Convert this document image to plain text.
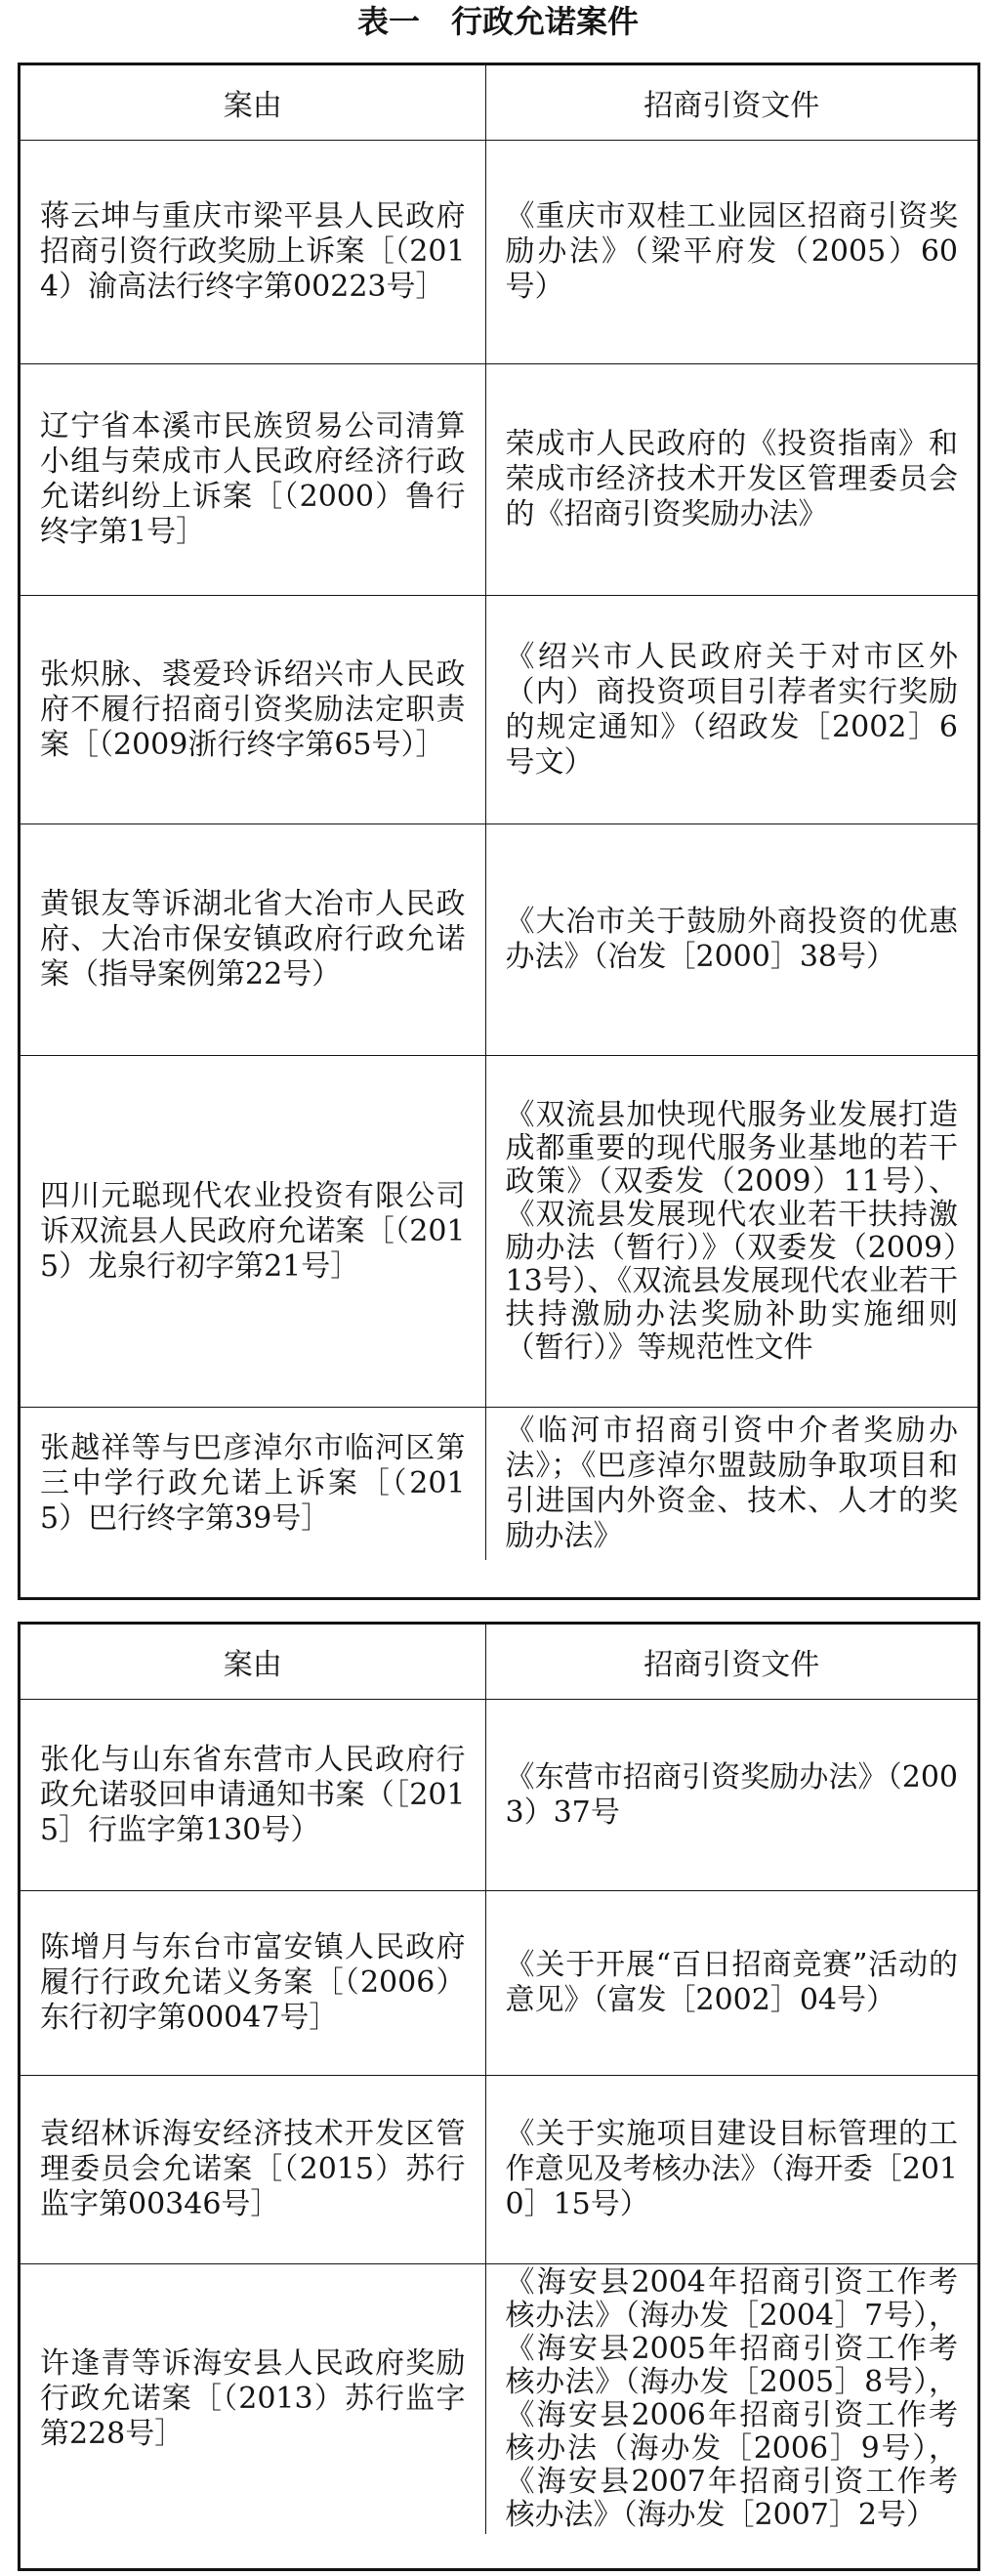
表一　行政允诺案件
案由	招商引资文件
蒋云坤与重庆市梁平县人民政府招商引资行政奖励上诉案［（2014）渝高法行终字第00223号］	《重庆市双桂工业园区招商引资奖励办法》（梁平府发（2005）60号）
辽宁省本溪市民族贸易公司清算小组与荣成市人民政府经济行政允诺纠纷上诉案［（2000）鲁行终字第1号］	荣成市人民政府的《投资指南》和荣成市经济技术开发区管理委员会的《招商引资奖励办法》
张炽脉、裘爱玲诉绍兴市人民政府不履行招商引资奖励法定职责案［（2009浙行终字第65号）］	《绍兴市人民政府关于对市区外（内）商投资项目引荐者实行奖励的规定通知》（绍政发［2002］6号文）
黄银友等诉湖北省大冶市人民政府、大冶市保安镇政府行政允诺案（指导案例第22号）	《大冶市关于鼓励外商投资的优惠办法》（冶发［2000］38号）
四川元聪现代农业投资有限公司诉双流县人民政府允诺案［（2015）龙泉行初字第21号］	《双流县加快现代服务业发展打造成都重要的现代服务业基地的若干政策》（双委发（2009）11号）、《双流县发展现代农业若干扶持激励办法（暂行）》（双委发（2009）13号）、《双流县发展现代农业若干扶持激励办法奖励补助实施细则（暂行）》等规范性文件
张越祥等与巴彦淖尔市临河区第三中学行政允诺上诉案［（2015）巴行终字第39号］	《临河市招商引资中介者奖励办法》；《巴彦淖尔盟鼓励争取项目和引进国内外资金、技术、人才的奖励办法》
案由	招商引资文件
张化与山东省东营市人民政府行政允诺驳回申请通知书案（［2015］行监字第130号）	《东营市招商引资奖励办法》（2003）37号
陈增月与东台市富安镇人民政府履行行政允诺义务案［（2006）东行初字第00047号］	《关于开展“百日招商竞赛”活动的意见》（富发［2002］04号）
袁绍林诉海安经济技术开发区管理委员会允诺案［（2015）苏行监字第00346号］	《关于实施项目建设目标管理的工作意见及考核办法》（海开委［2010］15号）
许逢青等诉海安县人民政府奖励行政允诺案［（2013）苏行监字第228号］	《海安县2004年招商引资工作考核办法》（海办发［2004］7号），《海安县2005年招商引资工作考核办法》（海办发［2005］8号），《海安县2006年招商引资工作考核办法（海办发［2006］9号），《海安县2007年招商引资工作考核办法》（海办发［2007］2号）
